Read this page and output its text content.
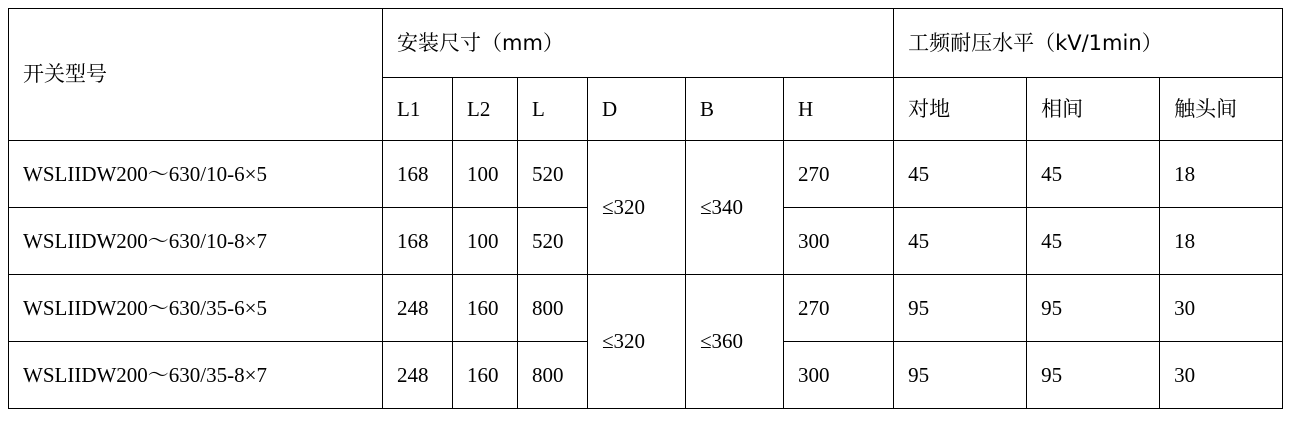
开关型号	安装尺寸（mm）						工频耐压水平（kV/1min）		
	L1	L2	L	D	B	H	对地	相间	触头间
WSLIIDW200～630/10-6×5	168	100	520	≤320	≤340	270	45	45	18
WSLIIDW200～630/10-8×7	168	100	520			300	45	45	18
WSLIIDW200～630/35-6×5	248	160	800	≤320	≤360	270	95	95	30
WSLIIDW200～630/35-8×7	248	160	800			300	95	95	30
